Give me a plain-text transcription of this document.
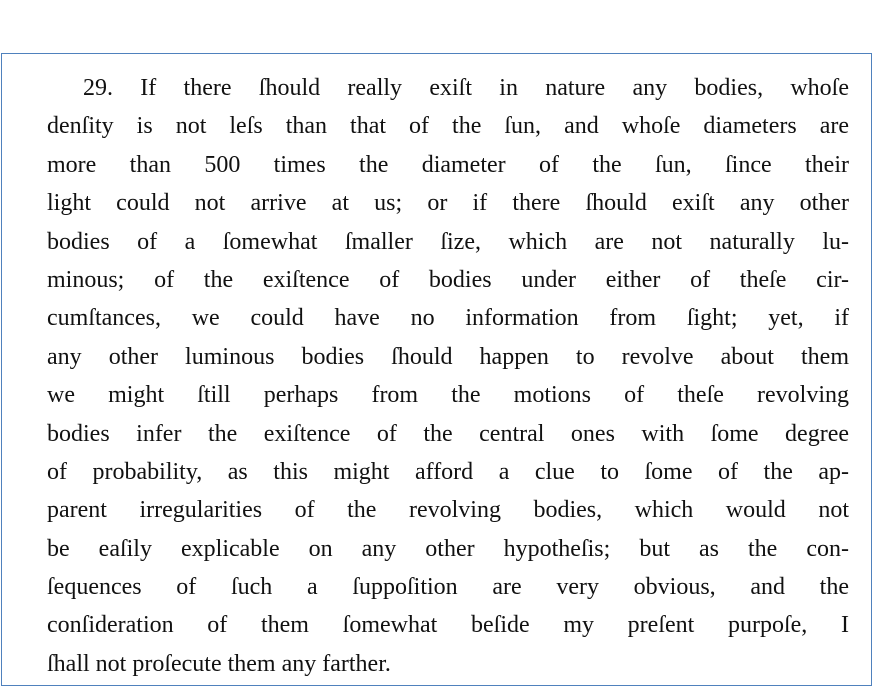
29. If there ſhould really exiſt in nature any bodies, whoſe
denſity is not leſs than that of the ſun, and whoſe diameters are
more than 500 times the diameter of the ſun, ſince their
light could not arrive at us; or if there ſhould exiſt any other
bodies of a ſomewhat ſmaller ſize, which are not naturally lu-
minous; of the exiſtence of bodies under either of theſe cir-
cumſtances, we could have no information from ſight; yet, if
any other luminous bodies ſhould happen to revolve about them
we might ſtill perhaps from the motions of theſe revolving
bodies infer the exiſtence of the central ones with ſome degree
of probability, as this might afford a clue to ſome of the ap-
parent irregularities of the revolving bodies, which would not
be eaſily explicable on any other hypotheſis; but as the con-
ſequences of ſuch a ſuppoſition are very obvious, and the
conſideration of them ſomewhat beſide my preſent purpoſe, I
ſhall not proſecute them any farther.
